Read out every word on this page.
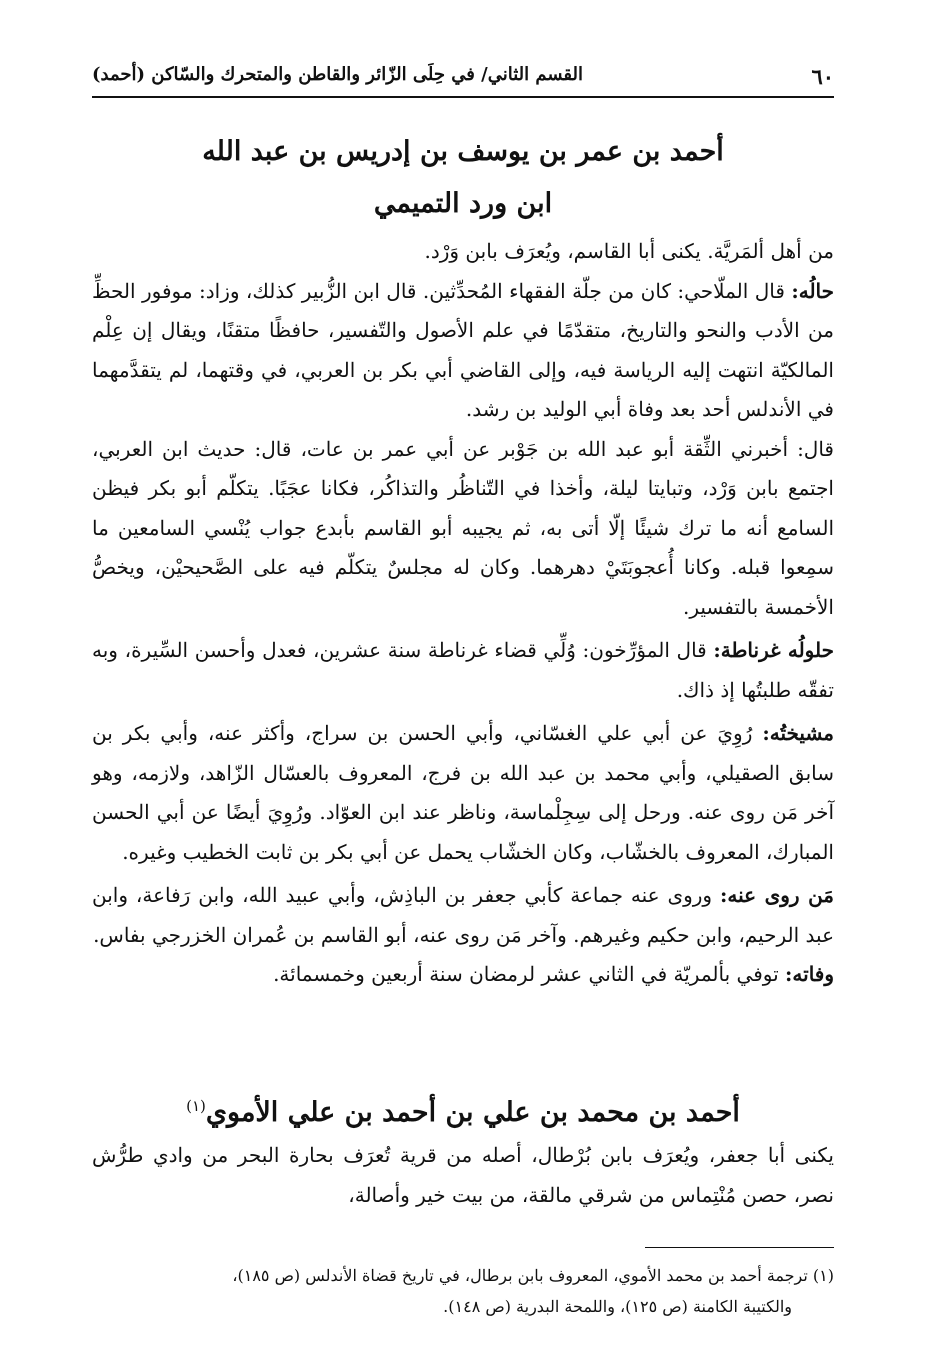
٦٠
القسم الثاني/ في حِلَى الزّائر والقاطن والمتحرك والسّاكن (أحمد)
أحمد بن عمر بن يوسف بن إدريس بن عبد الله
ابن ورد التميمي

من أهل ألمَريَّة. يكنى أبا القاسم، ويُعرَف بابن وَرْد.

حالُه: قال الملّاحي: كان من جلّة الفقهاء المُحدِّثين. قال ابن الزُّبير كذلك، وزاد: موفور الحظِّ من الأدب والنحو والتاريخ، متقدّمًا في علم الأصول والتّفسير، حافظًا متقنًا، ويقال إن عِلْم المالكيّة انتهت إليه الرياسة فيه، وإلى القاضي أبي بكر بن العربي، في وقتهما، لم يتقدَّمهما في الأندلس أحد بعد وفاة أبي الوليد بن رشد.

قال: أخبرني الثِّقة أبو عبد الله بن جَوْبر عن أبي عمر بن عات، قال: حديث ابن العربي، اجتمع بابن وَرْد، وتبايتا ليلة، وأخذا في التّناظُر والتذاكُر، فكانا عجَبًا. يتكلّم أبو بكر فيظن السامع أنه ما ترك شيئًا إلّا أتى به، ثم يجيبه أبو القاسم بأبدع جواب يُنْسي السامعين ما سمِعوا قبله. وكانا أُعجوبَتَيْ دهرهما. وكان له مجلسٌ يتكلّم فيه على الصَّحيحيْن، ويخصُّ الأخمسة بالتفسير.

حلولُه غرناطة: قال المؤرِّخون: وُلِّي قضاء غرناطة سنة عشرين، فعدل وأحسن السِّيرة، وبه تفقّه طلبتُها إذ ذاك.

مشيختُه: رُوِيَ عن أبي علي الغسّاني، وأبي الحسن بن سراج، وأكثر عنه، وأبي بكر بن سابق الصقيلي، وأبي محمد بن عبد الله بن فرج، المعروف بالعسّال الزّاهد، ولازمه، وهو آخر مَن روى عنه. ورحل إلى سِجِلْماسة، وناظر عند ابن العوّاد. ورُوِيَ أيضًا عن أبي الحسن المبارك، المعروف بالخشّاب، وكان الخشّاب يحمل عن أبي بكر بن ثابت الخطيب وغيره.

مَن روى عنه: وروى عنه جماعة كأبي جعفر بن الباذِش، وأبي عبيد الله، وابن رَفاعة، وابن عبد الرحيم، وابن حكيم وغيرهم. وآخر مَن روى عنه، أبو القاسم بن عُمران الخزرجي بفاس.

وفاته: توفي بألمريّة في الثاني عشر لرمضان سنة أربعين وخمسمائة.

أحمد بن محمد بن علي بن أحمد بن علي الأموي$^{(١)}$

يكنى أبا جعفر، ويُعرَف بابن بُرْطال، أصله من قرية تُعرَف بحارة البحر من وادي طرُّش نصر، حصن مُنْتِماس من شرقي مالقة، من بيت خير وأصالة،

(١) ترجمة أحمد بن محمد الأموي، المعروف بابن برطال، في تاريخ قضاة الأندلس (ص ١٨٥)،

والكتيبة الكامنة (ص ١٢٥)، واللمحة البدرية (ص ١٤٨).
